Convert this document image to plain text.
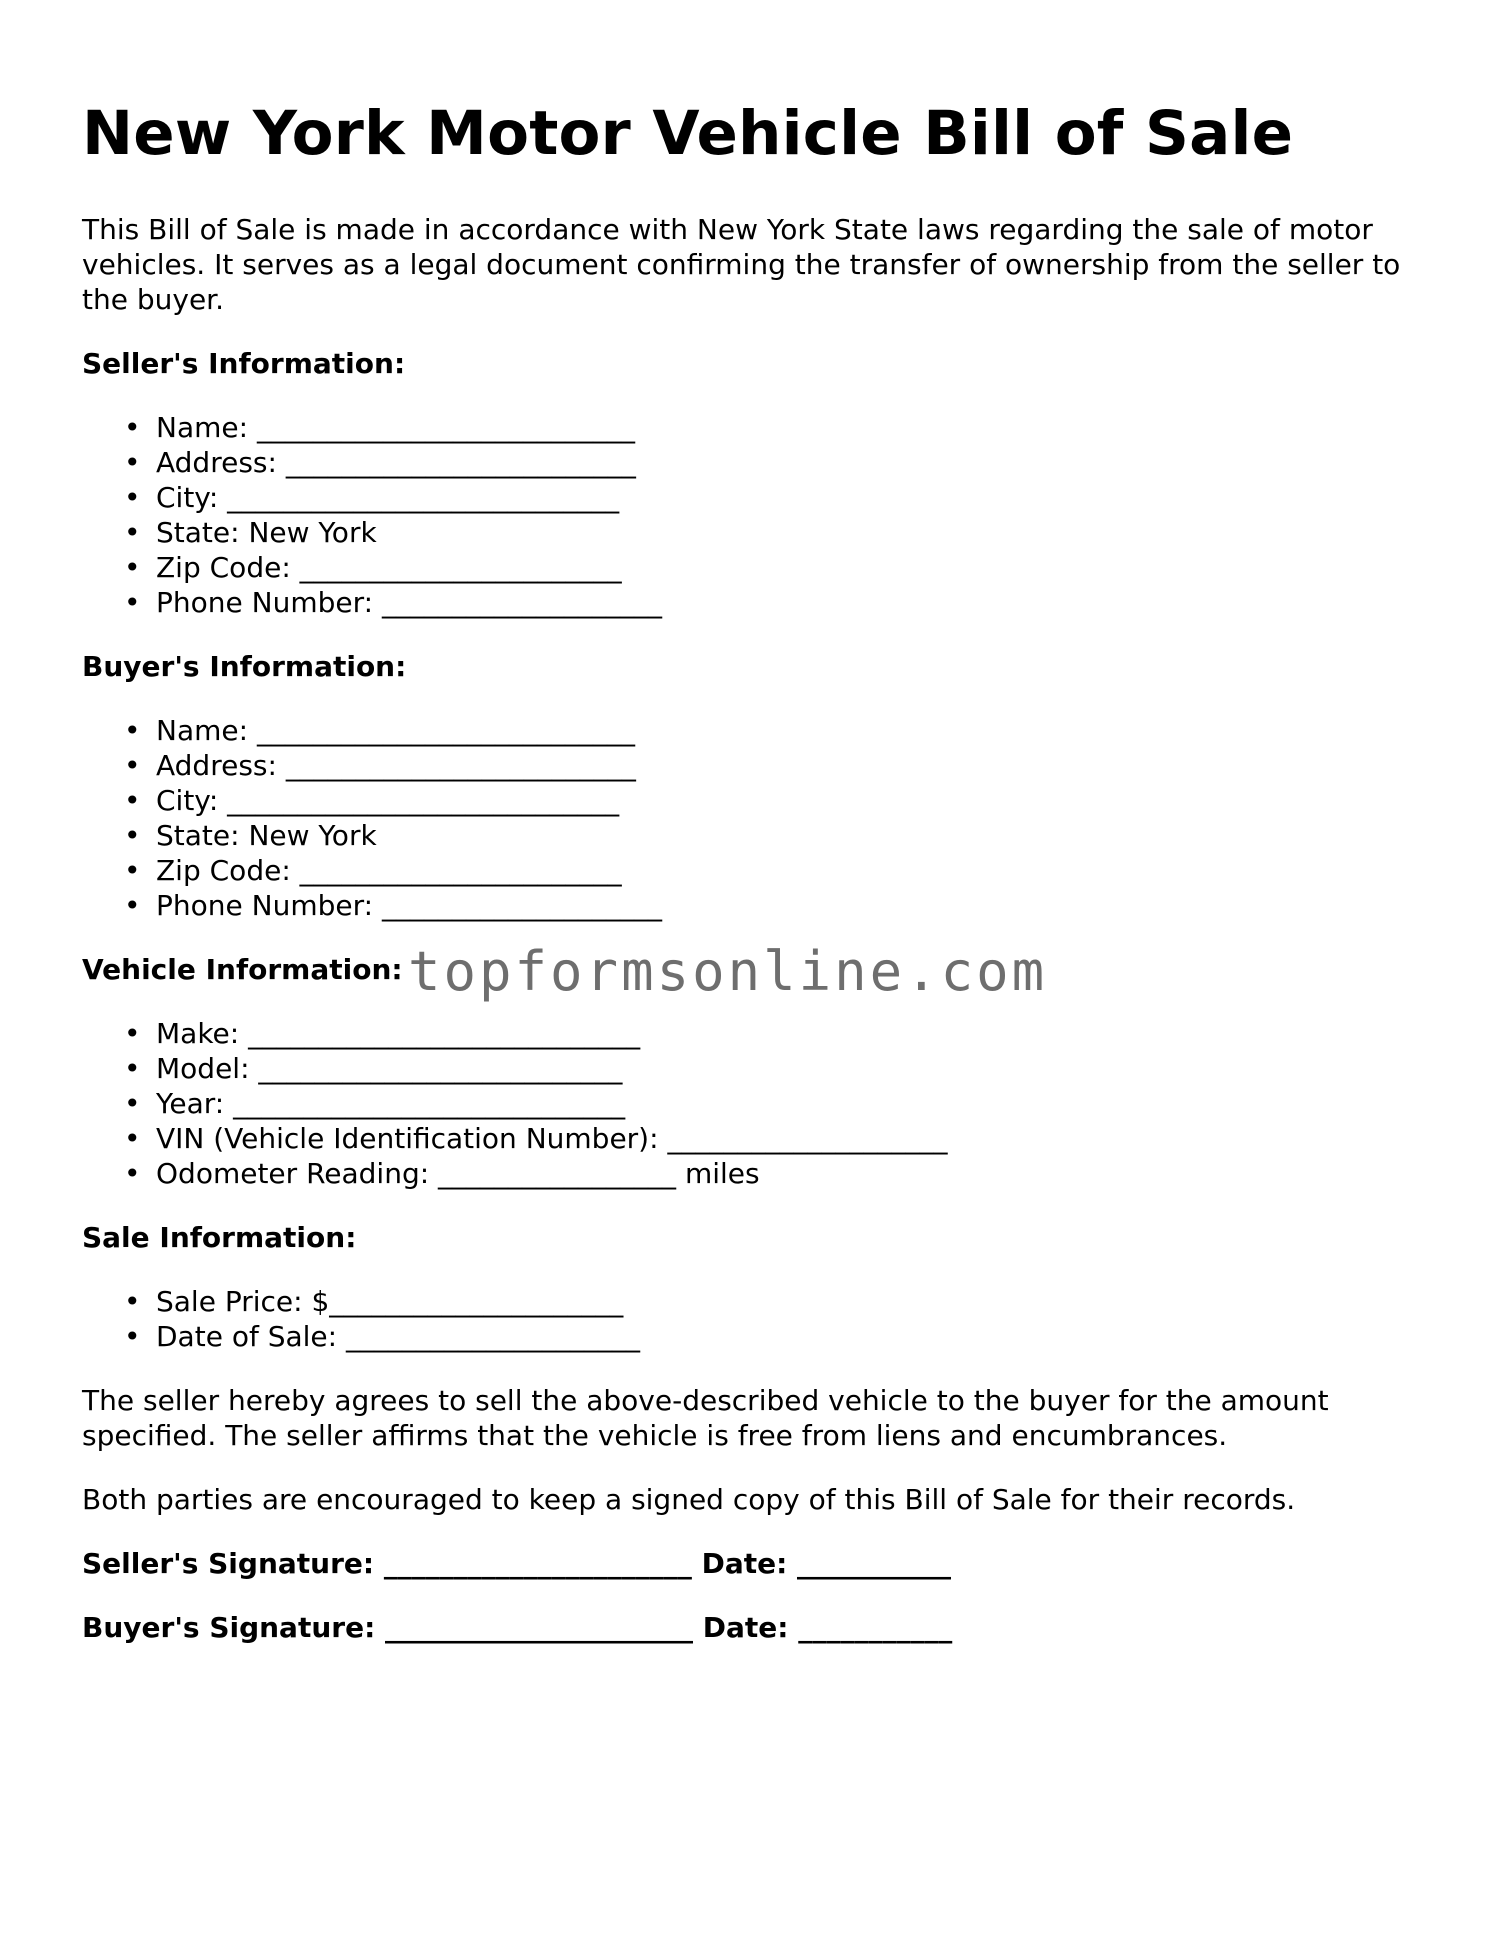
New York Motor Vehicle Bill of Sale

This Bill of Sale is made in accordance with New York State laws regarding the sale of motor vehicles. It serves as a legal document confirming the transfer of ownership from the seller to the buyer.

Seller's Information:
• Name: ___________________________
• Address: _________________________
• City: ____________________________
• State: New York
• Zip Code: _______________________
• Phone Number: ____________________
Buyer's Information:
• Name: ___________________________
• Address: _________________________
• City: ____________________________
• State: New York
• Zip Code: _______________________
• Phone Number: ____________________
Vehicle Information:
• Make: ____________________________
• Model: __________________________
• Year: ____________________________
• VIN (Vehicle Identification Number): ____________________
• Odometer Reading: _________________ miles
Sale Information:
• Sale Price: $_____________________
• Date of Sale: _____________________

The seller hereby agrees to sell the above-described vehicle to the buyer for the amount specified. The seller affirms that the vehicle is free from liens and encumbrances.

Both parties are encouraged to keep a signed copy of this Bill of Sale for their records.

Seller's Signature: ______________________ Date: ___________
Buyer's Signature: ______________________ Date: ___________
topformsonline.com
